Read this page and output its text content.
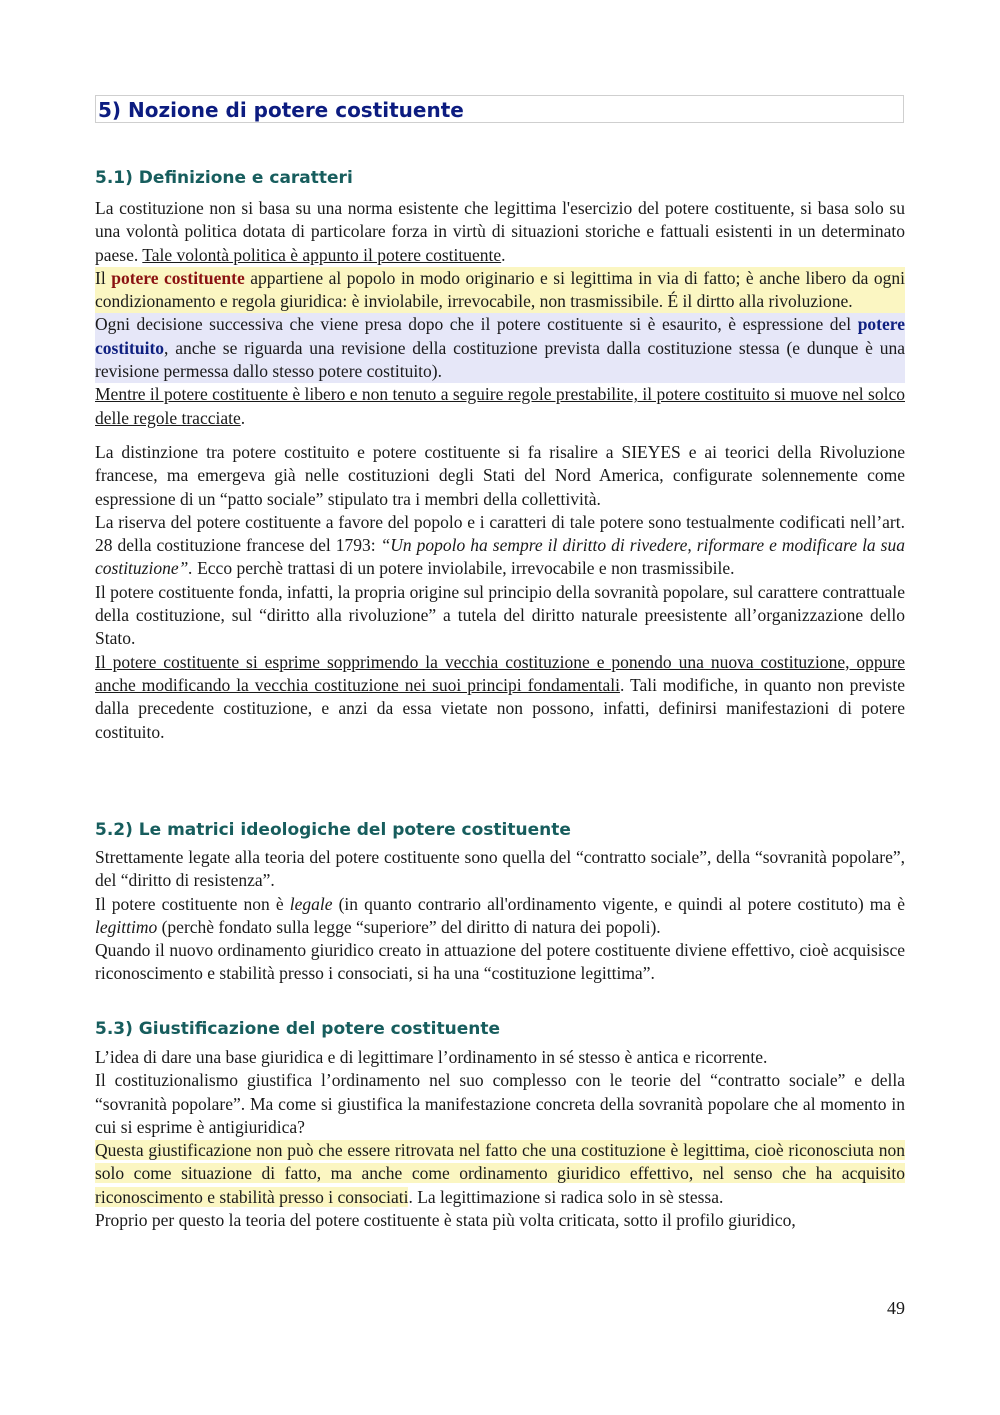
5) Nozione di potere costituente
5.1) Definizione e caratteri

La costituzione non si basa su una norma esistente che legittima l'esercizio del potere costituente, si basa solo su una volontà politica dotata di particolare forza in virtù di situazioni storiche e fattuali esistenti in un determinato paese. Tale volontà politica è appunto il potere costituente.

Il potere costituente appartiene al popolo in modo originario e si legittima in via di fatto; è anche libero da ogni condizionamento e regola giuridica: è inviolabile, irrevocabile, non trasmissibile. É il dirtto alla rivoluzione.

Ogni decisione successiva che viene presa dopo che il potere costituente si è esaurito, è espressione del potere costituito, anche se riguarda una revisione della costituzione prevista dalla costituzione stessa (e dunque è una revisione permessa dallo stesso potere costituito).

Mentre il potere costituente è libero e non tenuto a seguire regole prestabilite, il potere costituito si muove nel solco delle regole tracciate.

La distinzione tra potere costituito e potere costituente si fa risalire a SIEYES e ai teorici della Rivoluzione francese, ma emergeva già nelle costituzioni degli Stati del Nord America, configurate solennemente come espressione di un “patto sociale” stipulato tra i membri della collettività.

La riserva del potere costituente a favore del popolo e i caratteri di tale potere sono testualmente codificati nell’art. 28 della costituzione francese del 1793: “Un popolo ha sempre il diritto di rivedere, riformare e modificare la sua costituzione”. Ecco perchè trattasi di un potere inviolabile, irrevocabile e non trasmissibile.

Il potere costituente fonda, infatti, la propria origine sul principio della sovranità popolare, sul carattere contrattuale della costituzione, sul “diritto alla rivoluzione” a tutela del diritto naturale preesistente all’organizzazione dello Stato.

Il potere costituente si esprime sopprimendo la vecchia costituzione e ponendo una nuova costituzione, oppure anche modificando la vecchia costituzione nei suoi principi fondamentali. Tali modifiche, in quanto non previste dalla precedente costituzione, e anzi da essa vietate non possono, infatti, definirsi manifestazioni di potere costituito.

5.2) Le matrici ideologiche del potere costituente

Strettamente legate alla teoria del potere costituente sono quella del “contratto sociale”, della “sovranità popolare”, del “diritto di resistenza”.

Il potere costituente non è legale (in quanto contrario all'ordinamento vigente, e quindi al potere costituto) ma è legittimo (perchè fondato sulla legge “superiore” del diritto di natura dei popoli).

Quando il nuovo ordinamento giuridico creato in attuazione del potere costituente diviene effettivo, cioè acquisisce riconoscimento e stabilità presso i consociati, si ha una “costituzione legittima”.

5.3) Giustificazione del potere costituente

L’idea di dare una base giuridica e di legittimare l’ordinamento in sé stesso è antica e ricorrente.

Il costituzionalismo giustifica l’ordinamento nel suo complesso con le teorie del “contratto sociale” e della “sovranità popolare”. Ma come si giustifica la manifestazione concreta della sovranità popolare che al momento in cui si esprime è antigiuridica?

Questa giustificazione non può che essere ritrovata nel fatto che una costituzione è legittima, cioè riconosciuta non solo come situazione di fatto, ma anche come ordinamento giuridico effettivo, nel senso che ha acquisito riconoscimento e stabilità presso i consociati. La legittimazione si radica solo in sè stessa.

Proprio per questo la teoria del potere costituente è stata più volta criticata, sotto il profilo giuridico,

49
